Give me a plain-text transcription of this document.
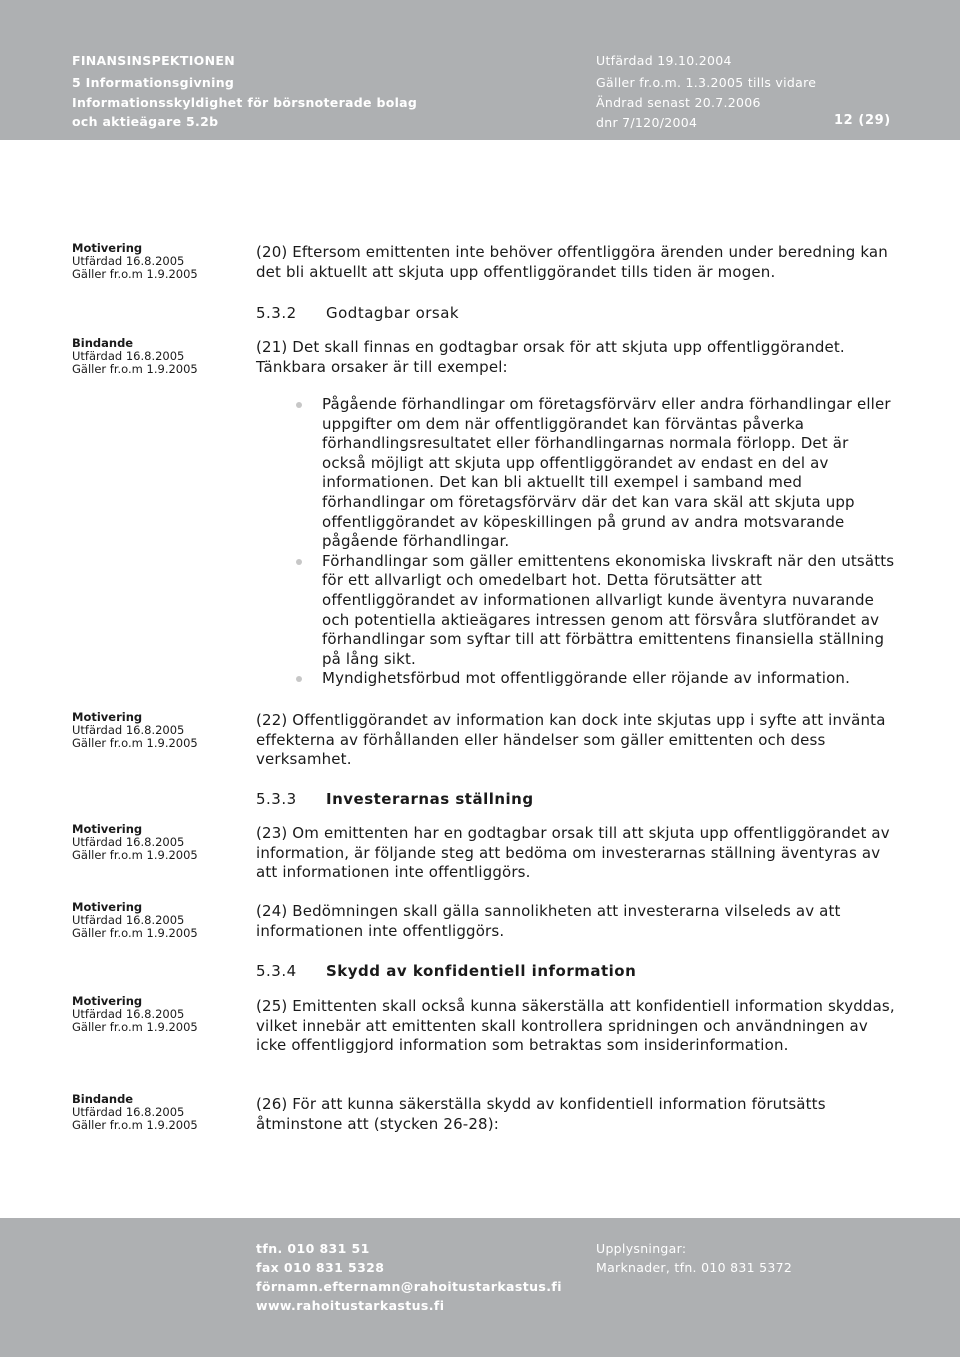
FINANSINSPEKTIONEN
5 Informationsgivning
Informationsskyldighet för börsnoterade bolag
och aktieägare 5.2b
Utfärdad 19.10.2004
Gäller fr.o.m. 1.3.2005 tills vidare
Ändrad senast 20.7.2006
dnr 7/120/2004	12 (29)
Motivering
Utfärdad 16.8.2005
Gäller fr.o.m 1.9.2005
Bindande
Utfärdad 16.8.2005
Gäller fr.o.m 1.9.2005
Motivering
Utfärdad 16.8.2005
Gäller fr.o.m 1.9.2005
Motivering
Utfärdad 16.8.2005
Gäller fr.o.m 1.9.2005
Motivering
Utfärdad 16.8.2005
Gäller fr.o.m 1.9.2005
Motivering
Utfärdad 16.8.2005
Gäller fr.o.m 1.9.2005
Bindande
Utfärdad 16.8.2005
Gäller fr.o.m 1.9.2005
(20) Eftersom emittenten inte behöver offentliggöra ärenden under beredning kan det bli aktuellt att skjuta upp offentliggörandet tills tiden är mogen.
5.3.2 Godtagbar orsak
(21) Det skall finnas en godtagbar orsak för att skjuta upp offentliggörandet. Tänkbara orsaker är till exempel:
Pågående förhandlingar om företagsförvärv eller andra förhandlingar eller uppgifter om dem när offentliggörandet kan förväntas påverka förhandlingsresultatet eller förhandlingarnas normala förlopp. Det är också möjligt att skjuta upp offentliggörandet av endast en del av informationen. Det kan bli aktuellt till exempel i samband med förhandlingar om företagsförvärv där det kan vara skäl att skjuta upp offentliggörandet av köpeskillingen på grund av andra motsvarande pågående förhandlingar.
Förhandlingar som gäller emittentens ekonomiska livskraft när den utsätts för ett allvarligt och omedelbart hot. Detta förutsätter att offentliggörandet av informationen allvarligt kunde äventyra nuvarande och potentiella aktieägares intressen genom att försvåra slutförandet av förhandlingar som syftar till att förbättra emittentens finansiella ställning på lång sikt.
Myndighetsförbud mot offentliggörande eller röjande av information.
(22) Offentliggörandet av information kan dock inte skjutas upp i syfte att invänta effekterna av förhållanden eller händelser som gäller emittenten och dess verksamhet.
5.3.3 Investerarnas ställning
(23) Om emittenten har en godtagbar orsak till att skjuta upp offentliggörandet av information, är följande steg att bedöma om investerarnas ställning äventyras av att informationen inte offentliggörs.
(24) Bedömningen skall gälla sannolikheten att investerarna vilseleds av att informationen inte offentliggörs.
5.3.4 Skydd av konfidentiell information
(25) Emittenten skall också kunna säkerställa att konfidentiell information skyddas, vilket innebär att emittenten skall kontrollera spridningen och användningen av icke offentliggjord information som betraktas som insiderinformation.
(26) För att kunna säkerställa skydd av konfidentiell information förutsätts åtminstone att (stycken 26-28):
tfn. 010 831 51
fax 010 831 5328
förnamn.efternamn@rahoitustarkastus.fi
www.rahoitustarkastus.fi
Upplysningar:
Marknader, tfn. 010 831 5372
